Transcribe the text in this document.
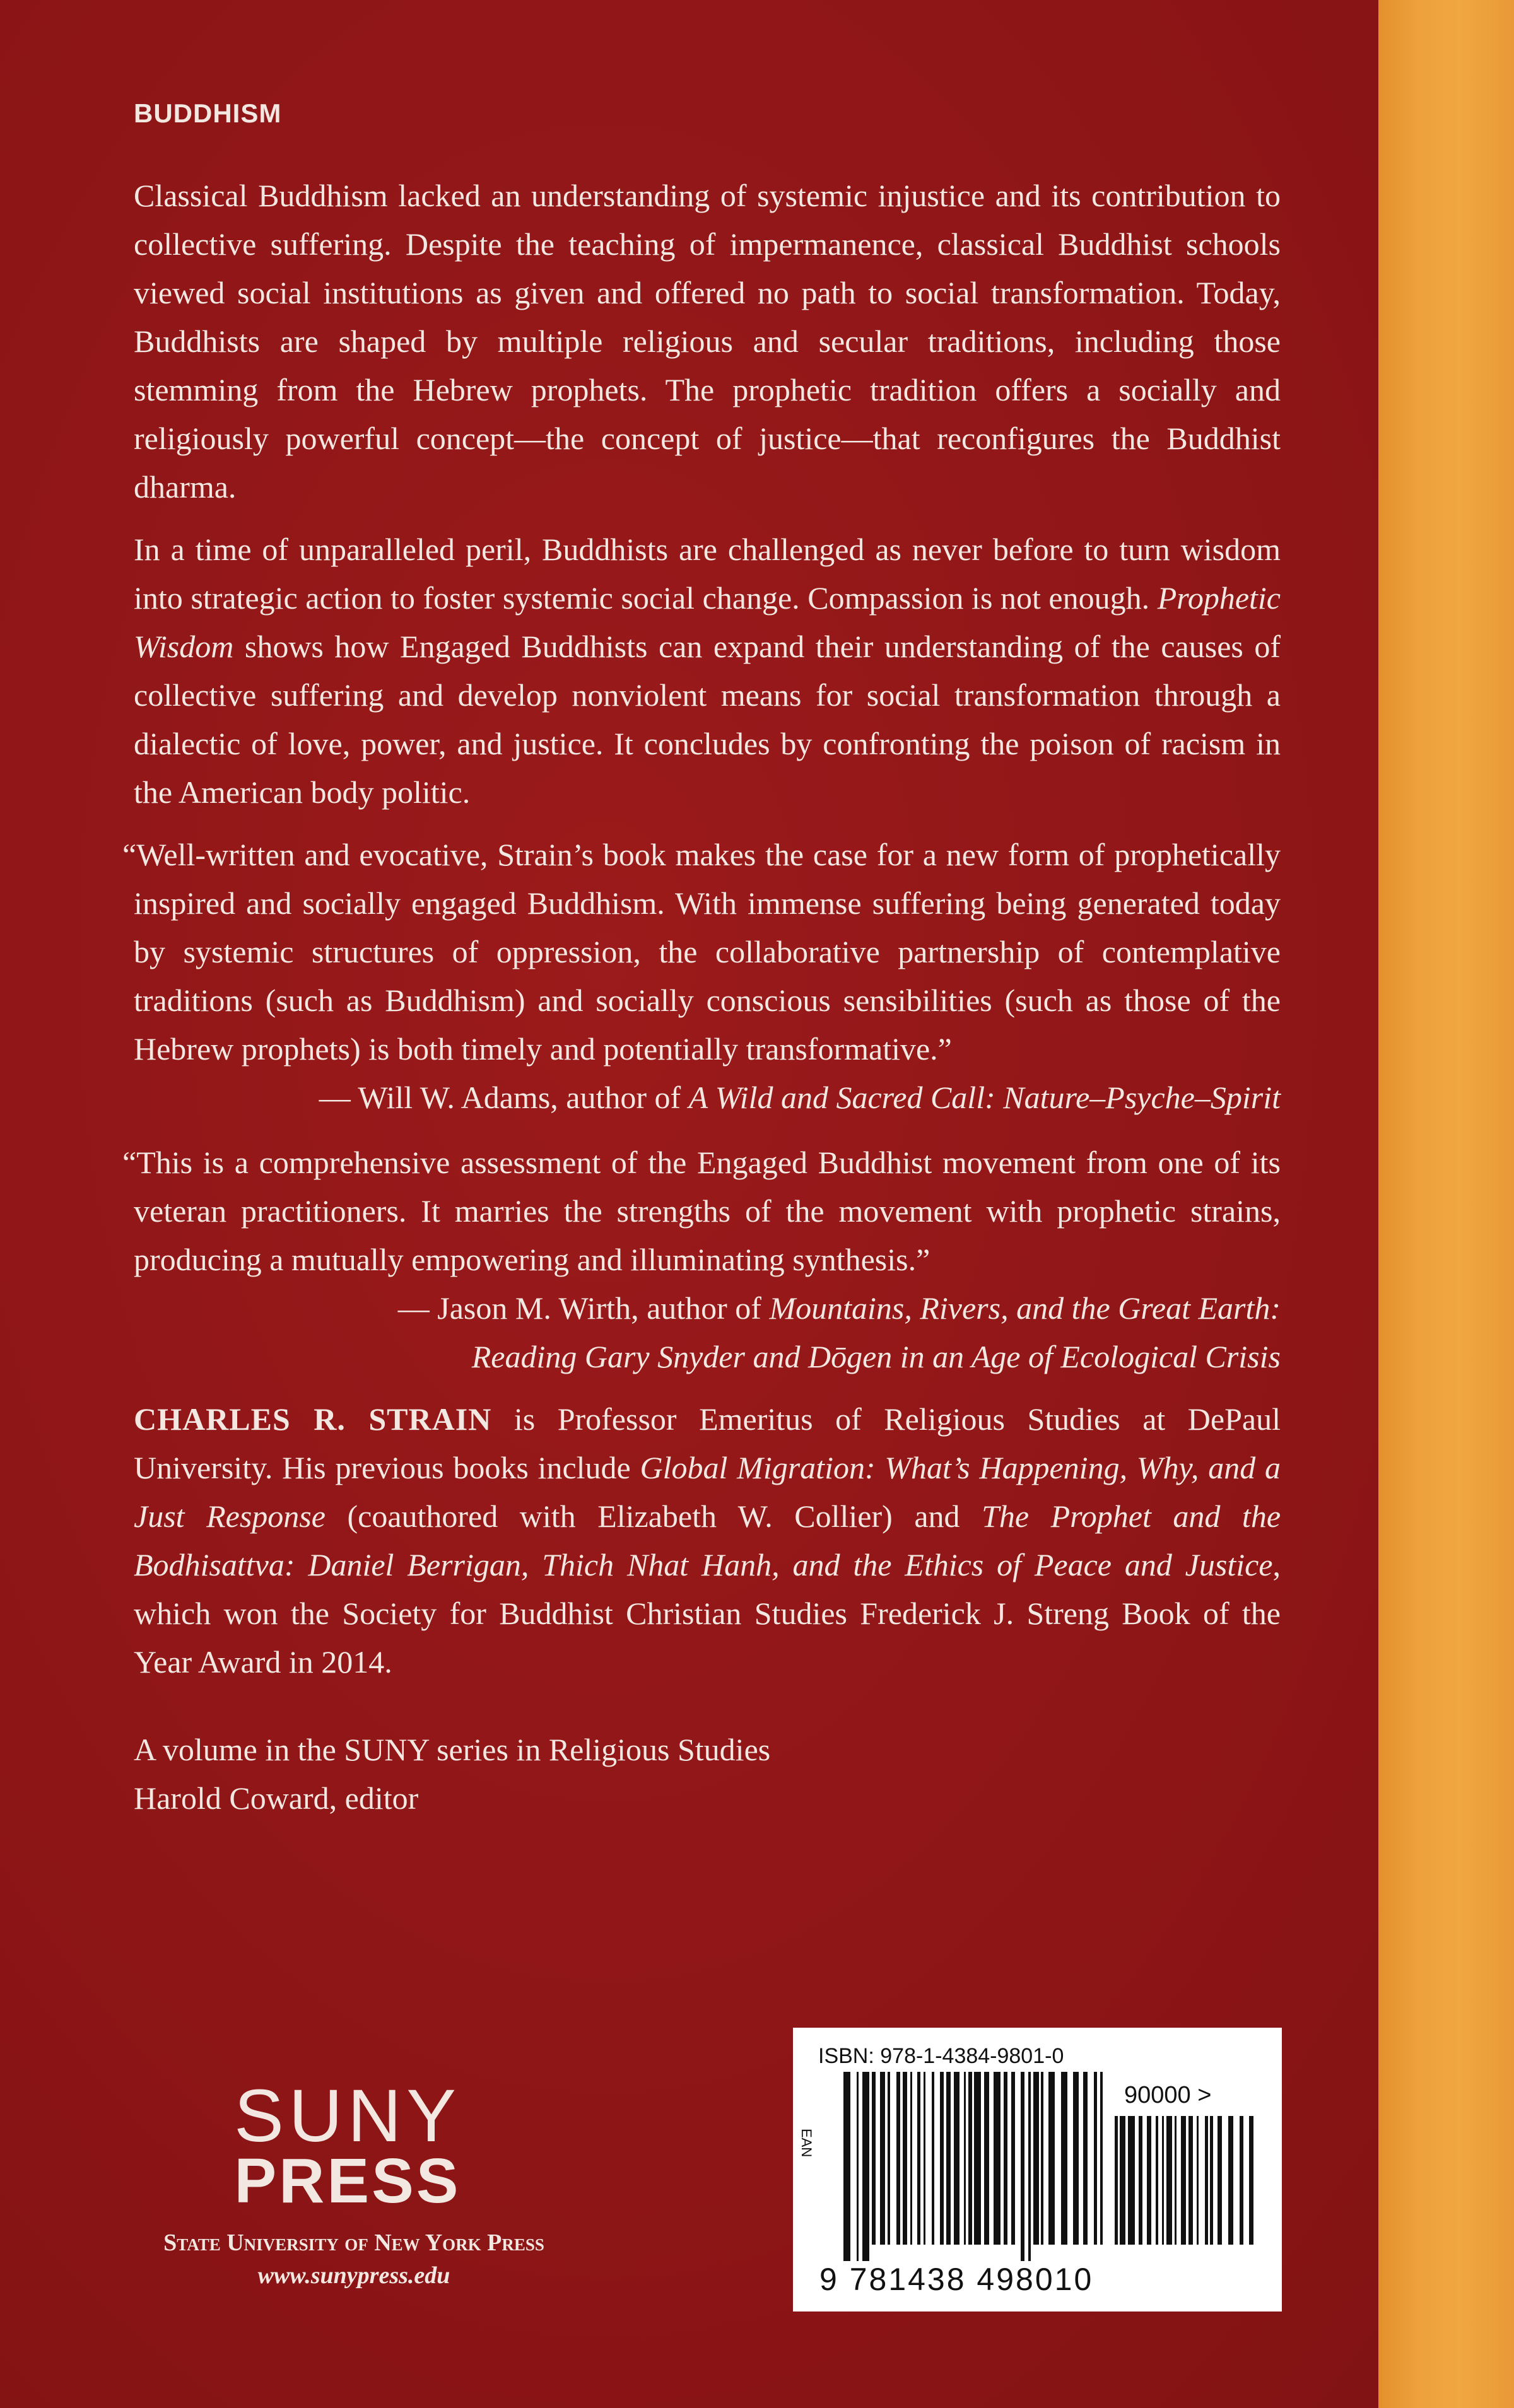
BUDDHISM

Classical Buddhism lacked an understanding of systemic injustice and its contribution to collective suffering. Despite the teaching of impermanence, classical Buddhist schools viewed social institutions as given and offered no path to social transformation. Today, Buddhists are shaped by multiple religious and secular traditions, including those stemming from the Hebrew prophets. The prophetic tradition offers a socially and religiously powerful concept—the concept of justice—that reconfigures the Buddhist dharma.

In a time of unparalleled peril, Buddhists are challenged as never before to turn wisdom into strategic action to foster systemic social change. Compassion is not enough. Prophetic Wisdom shows how Engaged Buddhists can expand their understanding of the causes of collective suffering and develop nonviolent means for social transformation through a dialectic of love, power, and justice. It concludes by confronting the poison of racism in the American body politic.

“Well-written and evocative, Strain’s book makes the case for a new form of prophetically inspired and socially engaged Buddhism. With immense suffering being generated today by systemic structures of oppression, the collaborative partnership of contemplative traditions (such as Buddhism) and socially conscious sensibilities (such as those of the Hebrew prophets) is both timely and potentially transformative.”

— Will W. Adams, author of A Wild and Sacred Call: Nature–Psyche–Spirit

“This is a comprehensive assessment of the Engaged Buddhist movement from one of its veteran practitioners. It marries the strengths of the movement with prophetic strains, producing a mutually empowering and illuminating synthesis.”

— Jason M. Wirth, author of Mountains, Rivers, and the Great Earth:

Reading Gary Snyder and Dōgen in an Age of Ecological Crisis

CHARLES R. STRAIN is Professor Emeritus of Religious Studies at DePaul University. His previous books include Global Migration: What’s Happening, Why, and a Just Response (coauthored with Elizabeth W. Collier) and The Prophet and the Bodhisattva: Daniel Berrigan, Thich Nhat Hanh, and the Ethics of Peace and Justice, which won the Society for Buddhist Christian Studies Frederick J. Streng Book of the Year Award in 2014.

A volume in the SUNY series in Religious Studies
Harold Coward, editor

SUNY
PRESS
State University of New York Press
www.sunypress.edu
ISBN: 978-1-4384-9801-0
EAN
90000 >
9 781438 498010
